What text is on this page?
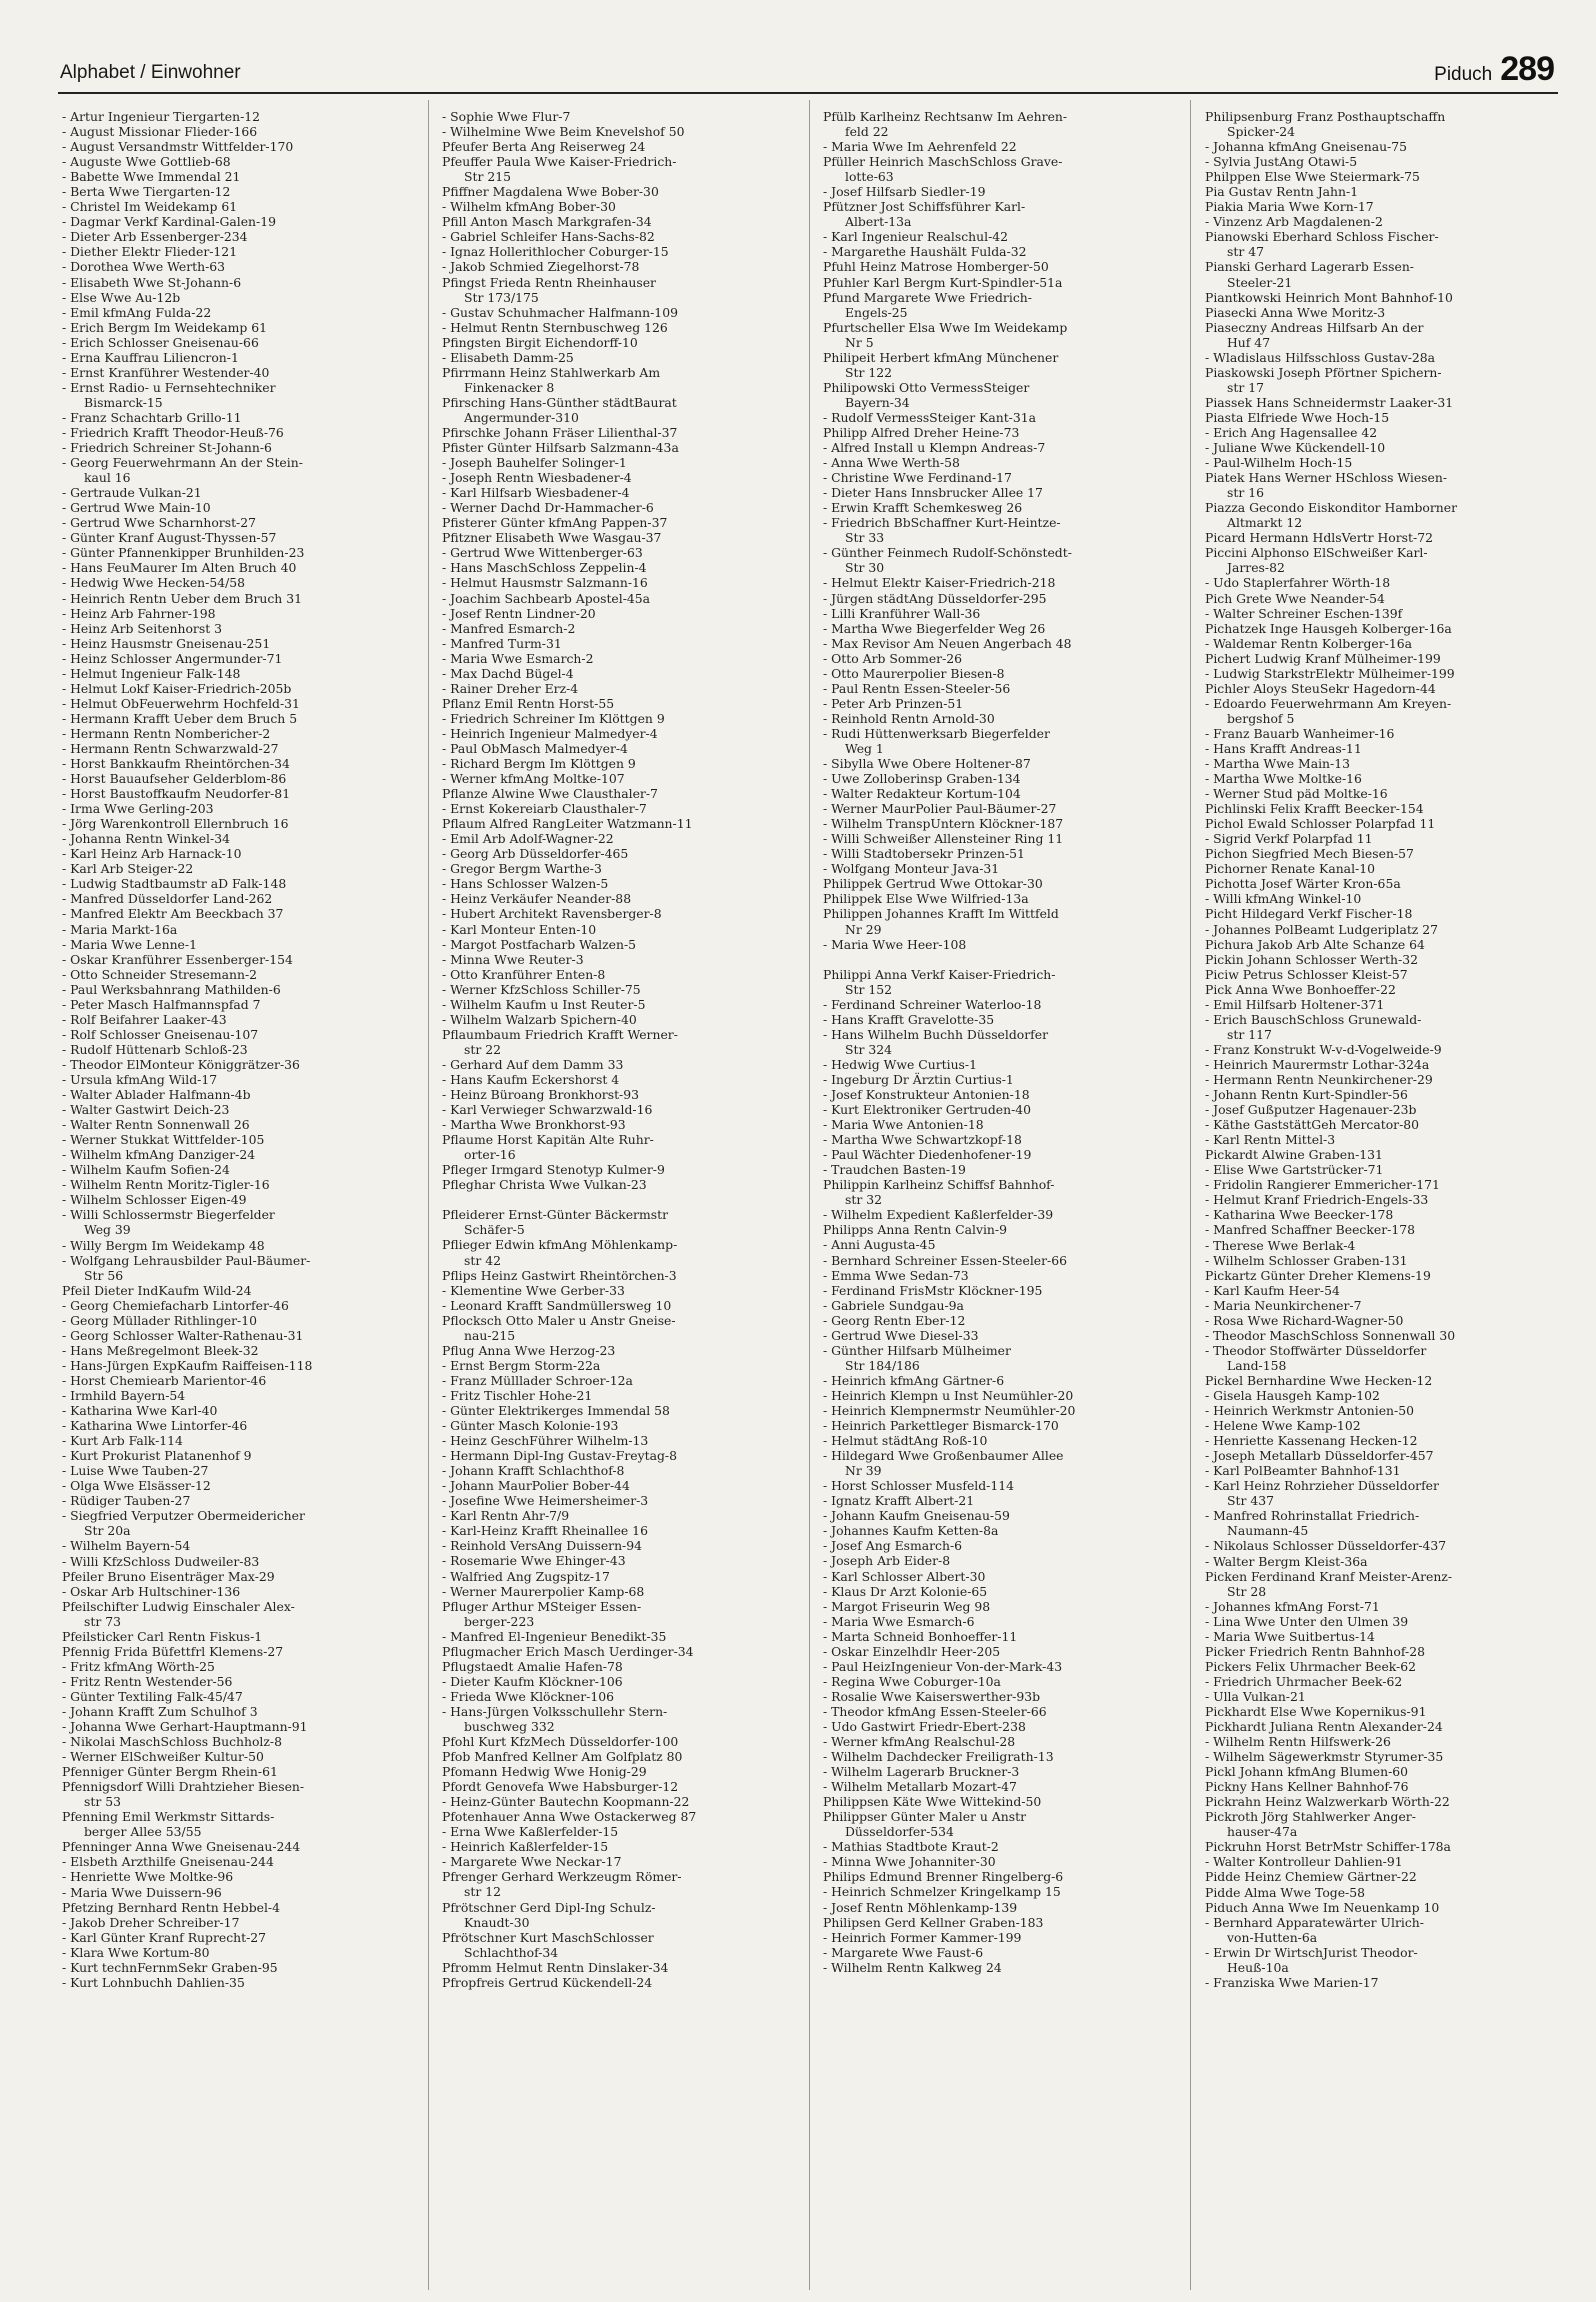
Alphabet / Einwohner	Piduch 289
- Artur Ingenieur Tiergarten-12
- August Missionar Flieder-166
- August Versandmstr Wittfelder-170
- Auguste Wwe Gottlieb-68
- Babette Wwe Immendal 21
- Berta Wwe Tiergarten-12
- Christel Im Weidekamp 61
- Dagmar Verkf Kardinal-Galen-19
- Dieter Arb Essenberger-234
- Diether Elektr Flieder-121
- Dorothea Wwe Werth-63
- Elisabeth Wwe St-Johann-6
- Else Wwe Au-12b
- Emil kfmAng Fulda-22
- Erich Bergm Im Weidekamp 61
- Erich Schlosser Gneisenau-66
- Erna Kauffrau Liliencron-1
- Ernst Kranführer Westender-40
- Ernst Radio- u Fernsehtechniker
Bismarck-15
- Franz Schachtarb Grillo-11
- Friedrich Krafft Theodor-Heuß-76
- Friedrich Schreiner St-Johann-6
- Georg Feuerwehrmann An der Stein-
kaul 16
- Gertraude Vulkan-21
- Gertrud Wwe Main-10
- Gertrud Wwe Scharnhorst-27
- Günter Kranf August-Thyssen-57
- Günter Pfannenkipper Brunhilden-23
- Hans FeuMaurer Im Alten Bruch 40
- Hedwig Wwe Hecken-54/58
- Heinrich Rentn Ueber dem Bruch 31
- Heinz Arb Fahrner-198
- Heinz Arb Seitenhorst 3
- Heinz Hausmstr Gneisenau-251
- Heinz Schlosser Angermunder-71
- Helmut Ingenieur Falk-148
- Helmut Lokf Kaiser-Friedrich-205b
- Helmut ObFeuerwehrm Hochfeld-31
- Hermann Krafft Ueber dem Bruch 5
- Hermann Rentn Nombericher-2
- Hermann Rentn Schwarzwald-27
- Horst Bankkaufm Rheintörchen-34
- Horst Bauaufseher Gelderblom-86
- Horst Baustoffkaufm Neudorfer-81
- Irma Wwe Gerling-203
- Jörg Warenkontroll Ellernbruch 16
- Johanna Rentn Winkel-34
- Karl Heinz Arb Harnack-10
- Karl Arb Steiger-22
- Ludwig Stadtbaumstr aD Falk-148
- Manfred Düsseldorfer Land-262
- Manfred Elektr Am Beeckbach 37
- Maria Markt-16a
- Maria Wwe Lenne-1
- Oskar Kranführer Essenberger-154
- Otto Schneider Stresemann-2
- Paul Werksbahnrang Mathilden-6
- Peter Masch Halfmannspfad 7
- Rolf Beifahrer Laaker-43
- Rolf Schlosser Gneisenau-107
- Rudolf Hüttenarb Schloß-23
- Theodor ElMonteur Königgrätzer-36
- Ursula kfmAng Wild-17
- Walter Ablader Halfmann-4b
- Walter Gastwirt Deich-23
- Walter Rentn Sonnenwall 26
- Werner Stukkat Wittfelder-105
- Wilhelm kfmAng Danziger-24
- Wilhelm Kaufm Sofien-24
- Wilhelm Rentn Moritz-Tigler-16
- Wilhelm Schlosser Eigen-49
- Willi Schlossermstr Biegerfelder
Weg 39
- Willy Bergm Im Weidekamp 48
- Wolfgang Lehrausbilder Paul-Bäumer-
Str 56
Pfeil Dieter IndKaufm Wild-24
- Georg Chemiefacharb Lintorfer-46
- Georg Müllader Rithlinger-10
- Georg Schlosser Walter-Rathenau-31
- Hans Meßregelmont Bleek-32
- Hans-Jürgen ExpKaufm Raiffeisen-118
- Horst Chemiearb Marientor-46
- Irmhild Bayern-54
- Katharina Wwe Karl-40
- Katharina Wwe Lintorfer-46
- Kurt Arb Falk-114
- Kurt Prokurist Platanenhof 9
- Luise Wwe Tauben-27
- Olga Wwe Elsässer-12
- Rüdiger Tauben-27
- Siegfried Verputzer Obermeidericher
Str 20a
- Wilhelm Bayern-54
- Willi KfzSchloss Dudweiler-83
Pfeiler Bruno Eisenträger Max-29
- Oskar Arb Hultschiner-136
Pfeilschifter Ludwig Einschaler Alex-
str 73
Pfeilsticker Carl Rentn Fiskus-1
Pfennig Frida Büfettfrl Klemens-27
- Fritz kfmAng Wörth-25
- Fritz Rentn Westender-56
- Günter Textiling Falk-45/47
- Johann Krafft Zum Schulhof 3
- Johanna Wwe Gerhart-Hauptmann-91
- Nikolai MaschSchloss Buchholz-8
- Werner ElSchweißer Kultur-50
Pfenniger Günter Bergm Rhein-61
Pfennigsdorf Willi Drahtzieher Biesen-
str 53
Pfenning Emil Werkmstr Sittards-
berger Allee 53/55
Pfenninger Anna Wwe Gneisenau-244
- Elsbeth Arzthilfe Gneisenau-244
- Henriette Wwe Moltke-96
- Maria Wwe Duissern-96
Pfetzing Bernhard Rentn Hebbel-4
- Jakob Dreher Schreiber-17
- Karl Günter Kranf Ruprecht-27
- Klara Wwe Kortum-80
- Kurt technFernmSekr Graben-95
- Kurt Lohnbuchh Dahlien-35
- Sophie Wwe Flur-7
- Wilhelmine Wwe Beim Knevelshof 50
Pfeufer Berta Ang Reiserweg 24
Pfeuffer Paula Wwe Kaiser-Friedrich-
Str 215
Pfiffner Magdalena Wwe Bober-30
- Wilhelm kfmAng Bober-30
Pfill Anton Masch Markgrafen-34
- Gabriel Schleifer Hans-Sachs-82
- Ignaz Hollerithlocher Coburger-15
- Jakob Schmied Ziegelhorst-78
Pfingst Frieda Rentn Rheinhauser
Str 173/175
- Gustav Schuhmacher Halfmann-109
- Helmut Rentn Sternbuschweg 126
Pfingsten Birgit Eichendorff-10
- Elisabeth Damm-25
Pfirrmann Heinz Stahlwerkarb Am
Finkenacker 8
Pfirsching Hans-Günther städtBaurat
Angermunder-310
Pfirschke Johann Fräser Lilienthal-37
Pfister Günter Hilfsarb Salzmann-43a
- Joseph Bauhelfer Solinger-1
- Joseph Rentn Wiesbadener-4
- Karl Hilfsarb Wiesbadener-4
- Werner Dachd Dr-Hammacher-6
Pfisterer Günter kfmAng Pappen-37
Pfitzner Elisabeth Wwe Wasgau-37
- Gertrud Wwe Wittenberger-63
- Hans MaschSchloss Zeppelin-4
- Helmut Hausmstr Salzmann-16
- Joachim Sachbearb Apostel-45a
- Josef Rentn Lindner-20
- Manfred Esmarch-2
- Manfred Turm-31
- Maria Wwe Esmarch-2
- Max Dachd Bügel-4
- Rainer Dreher Erz-4
Pflanz Emil Rentn Horst-55
- Friedrich Schreiner Im Klöttgen 9
- Heinrich Ingenieur Malmedyer-4
- Paul ObMasch Malmedyer-4
- Richard Bergm Im Klöttgen 9
- Werner kfmAng Moltke-107
Pflanze Alwine Wwe Clausthaler-7
- Ernst Kokereiarb Clausthaler-7
Pflaum Alfred RangLeiter Watzmann-11
- Emil Arb Adolf-Wagner-22
- Georg Arb Düsseldorfer-465
- Gregor Bergm Warthe-3
- Hans Schlosser Walzen-5
- Heinz Verkäufer Neander-88
- Hubert Architekt Ravensberger-8
- Karl Monteur Enten-10
- Margot Postfacharb Walzen-5
- Minna Wwe Reuter-3
- Otto Kranführer Enten-8
- Werner KfzSchloss Schiller-75
- Wilhelm Kaufm u Inst Reuter-5
- Wilhelm Walzarb Spichern-40
Pflaumbaum Friedrich Krafft Werner-
str 22
- Gerhard Auf dem Damm 33
- Hans Kaufm Eckershorst 4
- Heinz Büroang Bronkhorst-93
- Karl Verwieger Schwarzwald-16
- Martha Wwe Bronkhorst-93
Pflaume Horst Kapitän Alte Ruhr-
orter-16
Pfleger Irmgard Stenotyp Kulmer-9
Pfleghar Christa Wwe Vulkan-23
Pfleiderer Ernst-Günter Bäckermstr
Schäfer-5
Pflieger Edwin kfmAng Möhlenkamp-
str 42
Pflips Heinz Gastwirt Rheintörchen-3
- Klementine Wwe Gerber-33
- Leonard Krafft Sandmüllersweg 10
Pflocksch Otto Maler u Anstr Gneise-
nau-215
Pflug Anna Wwe Herzog-23
- Ernst Bergm Storm-22a
- Franz Mülllader Schroer-12a
- Fritz Tischler Hohe-21
- Günter Elektrikerges Immendal 58
- Günter Masch Kolonie-193
- Heinz GeschFührer Wilhelm-13
- Hermann Dipl-Ing Gustav-Freytag-8
- Johann Krafft Schlachthof-8
- Johann MaurPolier Bober-44
- Josefine Wwe Heimersheimer-3
- Karl Rentn Ahr-7/9
- Karl-Heinz Krafft Rheinallee 16
- Reinhold VersAng Duissern-94
- Rosemarie Wwe Ehinger-43
- Walfried Ang Zugspitz-17
- Werner Maurerpolier Kamp-68
Pfluger Arthur MSteiger Essen-
berger-223
- Manfred El-Ingenieur Benedikt-35
Pflugmacher Erich Masch Uerdinger-34
Pflugstaedt Amalie Hafen-78
- Dieter Kaufm Klöckner-106
- Frieda Wwe Klöckner-106
- Hans-Jürgen Volksschullehr Stern-
buschweg 332
Pfohl Kurt KfzMech Düsseldorfer-100
Pfob Manfred Kellner Am Golfplatz 80
Pfomann Hedwig Wwe Honig-29
Pfordt Genovefa Wwe Habsburger-12
- Heinz-Günter Bautechn Koopmann-22
Pfotenhauer Anna Wwe Ostackerweg 87
- Erna Wwe Kaßlerfelder-15
- Heinrich Kaßlerfelder-15
- Margarete Wwe Neckar-17
Pfrenger Gerhard Werkzeugm Römer-
str 12
Pfrötschner Gerd Dipl-Ing Schulz-
Knaudt-30
Pfrötschner Kurt MaschSchlosser
Schlachthof-34
Pfromm Helmut Rentn Dinslaker-34
Pfropfreis Gertrud Kückendell-24
Pfülb Karlheinz Rechtsanw Im Aehren-
feld 22
- Maria Wwe Im Aehrenfeld 22
Pfüller Heinrich MaschSchloss Grave-
lotte-63
- Josef Hilfsarb Siedler-19
Pfützner Jost Schiffsführer Karl-
Albert-13a
- Karl Ingenieur Realschul-42
- Margarethe Haushält Fulda-32
Pfuhl Heinz Matrose Homberger-50
Pfuhler Karl Bergm Kurt-Spindler-51a
Pfund Margarete Wwe Friedrich-
Engels-25
Pfurtscheller Elsa Wwe Im Weidekamp
Nr 5
Philipeit Herbert kfmAng Münchener
Str 122
Philipowski Otto VermessSteiger
Bayern-34
- Rudolf VermessSteiger Kant-31a
Philipp Alfred Dreher Heine-73
- Alfred Install u Klempn Andreas-7
- Anna Wwe Werth-58
- Christine Wwe Ferdinand-17
- Dieter Hans Innsbrucker Allee 17
- Erwin Krafft Schemkesweg 26
- Friedrich BbSchaffner Kurt-Heintze-
Str 33
- Günther Feinmech Rudolf-Schönstedt-
Str 30
- Helmut Elektr Kaiser-Friedrich-218
- Jürgen städtAng Düsseldorfer-295
- Lilli Kranführer Wall-36
- Martha Wwe Biegerfelder Weg 26
- Max Revisor Am Neuen Angerbach 48
- Otto Arb Sommer-26
- Otto Maurerpolier Biesen-8
- Paul Rentn Essen-Steeler-56
- Peter Arb Prinzen-51
- Reinhold Rentn Arnold-30
- Rudi Hüttenwerksarb Biegerfelder
Weg 1
- Sibylla Wwe Obere Holtener-87
- Uwe Zolloberinsp Graben-134
- Walter Redakteur Kortum-104
- Werner MaurPolier Paul-Bäumer-27
- Wilhelm TranspUntern Klöckner-187
- Willi Schweißer Allensteiner Ring 11
- Willi Stadtobersekr Prinzen-51
- Wolfgang Monteur Java-31
Philippek Gertrud Wwe Ottokar-30
Philippek Else Wwe Wilfried-13a
Philippen Johannes Krafft Im Wittfeld
Nr 29
- Maria Wwe Heer-108
Philippi Anna Verkf Kaiser-Friedrich-
Str 152
- Ferdinand Schreiner Waterloo-18
- Hans Krafft Gravelotte-35
- Hans Wilhelm Buchh Düsseldorfer
Str 324
- Hedwig Wwe Curtius-1
- Ingeburg Dr Ärztin Curtius-1
- Josef Konstrukteur Antonien-18
- Kurt Elektroniker Gertruden-40
- Maria Wwe Antonien-18
- Martha Wwe Schwartzkopf-18
- Paul Wächter Diedenhofener-19
- Traudchen Basten-19
Philippin Karlheinz Schiffsf Bahnhof-
str 32
- Wilhelm Expedient Kaßlerfelder-39
Philipps Anna Rentn Calvin-9
- Anni Augusta-45
- Bernhard Schreiner Essen-Steeler-66
- Emma Wwe Sedan-73
- Ferdinand FrisMstr Klöckner-195
- Gabriele Sundgau-9a
- Georg Rentn Eber-12
- Gertrud Wwe Diesel-33
- Günther Hilfsarb Mülheimer
Str 184/186
- Heinrich kfmAng Gärtner-6
- Heinrich Klempn u Inst Neumühler-20
- Heinrich Klempnermstr Neumühler-20
- Heinrich Parkettleger Bismarck-170
- Helmut städtAng Roß-10
- Hildegard Wwe Großenbaumer Allee
Nr 39
- Horst Schlosser Musfeld-114
- Ignatz Krafft Albert-21
- Johann Kaufm Gneisenau-59
- Johannes Kaufm Ketten-8a
- Josef Ang Esmarch-6
- Joseph Arb Eider-8
- Karl Schlosser Albert-30
- Klaus Dr Arzt Kolonie-65
- Margot Friseurin Weg 98
- Maria Wwe Esmarch-6
- Marta Schneid Bonhoeffer-11
- Oskar Einzelhdlr Heer-205
- Paul HeizIngenieur Von-der-Mark-43
- Regina Wwe Coburger-10a
- Rosalie Wwe Kaiserswerther-93b
- Theodor kfmAng Essen-Steeler-66
- Udo Gastwirt Friedr-Ebert-238
- Werner kfmAng Realschul-28
- Wilhelm Dachdecker Freiligrath-13
- Wilhelm Lagerarb Bruckner-3
- Wilhelm Metallarb Mozart-47
Philippsen Käte Wwe Wittekind-50
Philippser Günter Maler u Anstr
Düsseldorfer-534
- Mathias Stadtbote Kraut-2
- Minna Wwe Johanniter-30
Philips Edmund Brenner Ringelberg-6
- Heinrich Schmelzer Kringelkamp 15
- Josef Rentn Möhlenkamp-139
Philipsen Gerd Kellner Graben-183
- Heinrich Former Kammer-199
- Margarete Wwe Faust-6
- Wilhelm Rentn Kalkweg 24
Philipsenburg Franz Posthauptschaffn
Spicker-24
- Johanna kfmAng Gneisenau-75
- Sylvia JustAng Otawi-5
Philppen Else Wwe Steiermark-75
Pia Gustav Rentn Jahn-1
Piakia Maria Wwe Korn-17
- Vinzenz Arb Magdalenen-2
Pianowski Eberhard Schloss Fischer-
str 47
Pianski Gerhard Lagerarb Essen-
Steeler-21
Piantkowski Heinrich Mont Bahnhof-10
Piasecki Anna Wwe Moritz-3
Piaseczny Andreas Hilfsarb An der
Huf 47
- Wladislaus Hilfsschloss Gustav-28a
Piaskowski Joseph Pförtner Spichern-
str 17
Piassek Hans Schneidermstr Laaker-31
Piasta Elfriede Wwe Hoch-15
- Erich Ang Hagensallee 42
- Juliane Wwe Kückendell-10
- Paul-Wilhelm Hoch-15
Piatek Hans Werner HSchloss Wiesen-
str 16
Piazza Gecondo Eiskonditor Hamborner
Altmarkt 12
Picard Hermann HdlsVertr Horst-72
Piccini Alphonso ElSchweißer Karl-
Jarres-82
- Udo Staplerfahrer Wörth-18
Pich Grete Wwe Neander-54
- Walter Schreiner Eschen-139f
Pichatzek Inge Hausgeh Kolberger-16a
- Waldemar Rentn Kolberger-16a
Pichert Ludwig Kranf Mülheimer-199
- Ludwig StarkstrElektr Mülheimer-199
Pichler Aloys SteuSekr Hagedorn-44
- Edoardo Feuerwehrmann Am Kreyen-
bergshof 5
- Franz Bauarb Wanheimer-16
- Hans Krafft Andreas-11
- Martha Wwe Main-13
- Martha Wwe Moltke-16
- Werner Stud päd Moltke-16
Pichlinski Felix Krafft Beecker-154
Pichol Ewald Schlosser Polarpfad 11
- Sigrid Verkf Polarpfad 11
Pichon Siegfried Mech Biesen-57
Pichorner Renate Kanal-10
Pichotta Josef Wärter Kron-65a
- Willi kfmAng Winkel-10
Picht Hildegard Verkf Fischer-18
- Johannes PolBeamt Ludgeriplatz 27
Pichura Jakob Arb Alte Schanze 64
Pickin Johann Schlosser Werth-32
Piciw Petrus Schlosser Kleist-57
Pick Anna Wwe Bonhoeffer-22
- Emil Hilfsarb Holtener-371
- Erich BauschSchloss Grunewald-
str 117
- Franz Konstrukt W-v-d-Vogelweide-9
- Heinrich Maurermstr Lothar-324a
- Hermann Rentn Neunkirchener-29
- Johann Rentn Kurt-Spindler-56
- Josef Gußputzer Hagenauer-23b
- Käthe GaststättGeh Mercator-80
- Karl Rentn Mittel-3
Pickardt Alwine Graben-131
- Elise Wwe Gartstrücker-71
- Fridolin Rangierer Emmericher-171
- Helmut Kranf Friedrich-Engels-33
- Katharina Wwe Beecker-178
- Manfred Schaffner Beecker-178
- Therese Wwe Berlak-4
- Wilhelm Schlosser Graben-131
Pickartz Günter Dreher Klemens-19
- Karl Kaufm Heer-54
- Maria Neunkirchener-7
- Rosa Wwe Richard-Wagner-50
- Theodor MaschSchloss Sonnenwall 30
- Theodor Stoffwärter Düsseldorfer
Land-158
Pickel Bernhardine Wwe Hecken-12
- Gisela Hausgeh Kamp-102
- Heinrich Werkmstr Antonien-50
- Helene Wwe Kamp-102
- Henriette Kassenang Hecken-12
- Joseph Metallarb Düsseldorfer-457
- Karl PolBeamter Bahnhof-131
- Karl Heinz Rohrzieher Düsseldorfer
Str 437
- Manfred Rohrinstallat Friedrich-
Naumann-45
- Nikolaus Schlosser Düsseldorfer-437
- Walter Bergm Kleist-36a
Picken Ferdinand Kranf Meister-Arenz-
Str 28
- Johannes kfmAng Forst-71
- Lina Wwe Unter den Ulmen 39
- Maria Wwe Suitbertus-14
Picker Friedrich Rentn Bahnhof-28
Pickers Felix Uhrmacher Beek-62
- Friedrich Uhrmacher Beek-62
- Ulla Vulkan-21
Pickhardt Else Wwe Kopernikus-91
Pickhardt Juliana Rentn Alexander-24
- Wilhelm Rentn Hilfswerk-26
- Wilhelm Sägewerkmstr Styrumer-35
Pickl Johann kfmAng Blumen-60
Pickny Hans Kellner Bahnhof-76
Pickrahn Heinz Walzwerkarb Wörth-22
Pickroth Jörg Stahlwerker Anger-
hauser-47a
Pickruhn Horst BetrMstr Schiffer-178a
- Walter Kontrolleur Dahlien-91
Pidde Heinz Chemiew Gärtner-22
Pidde Alma Wwe Toge-58
Piduch Anna Wwe Im Neuenkamp 10
- Bernhard Apparatewärter Ulrich-
von-Hutten-6a
- Erwin Dr WirtschJurist Theodor-
Heuß-10a
- Franziska Wwe Marien-17
